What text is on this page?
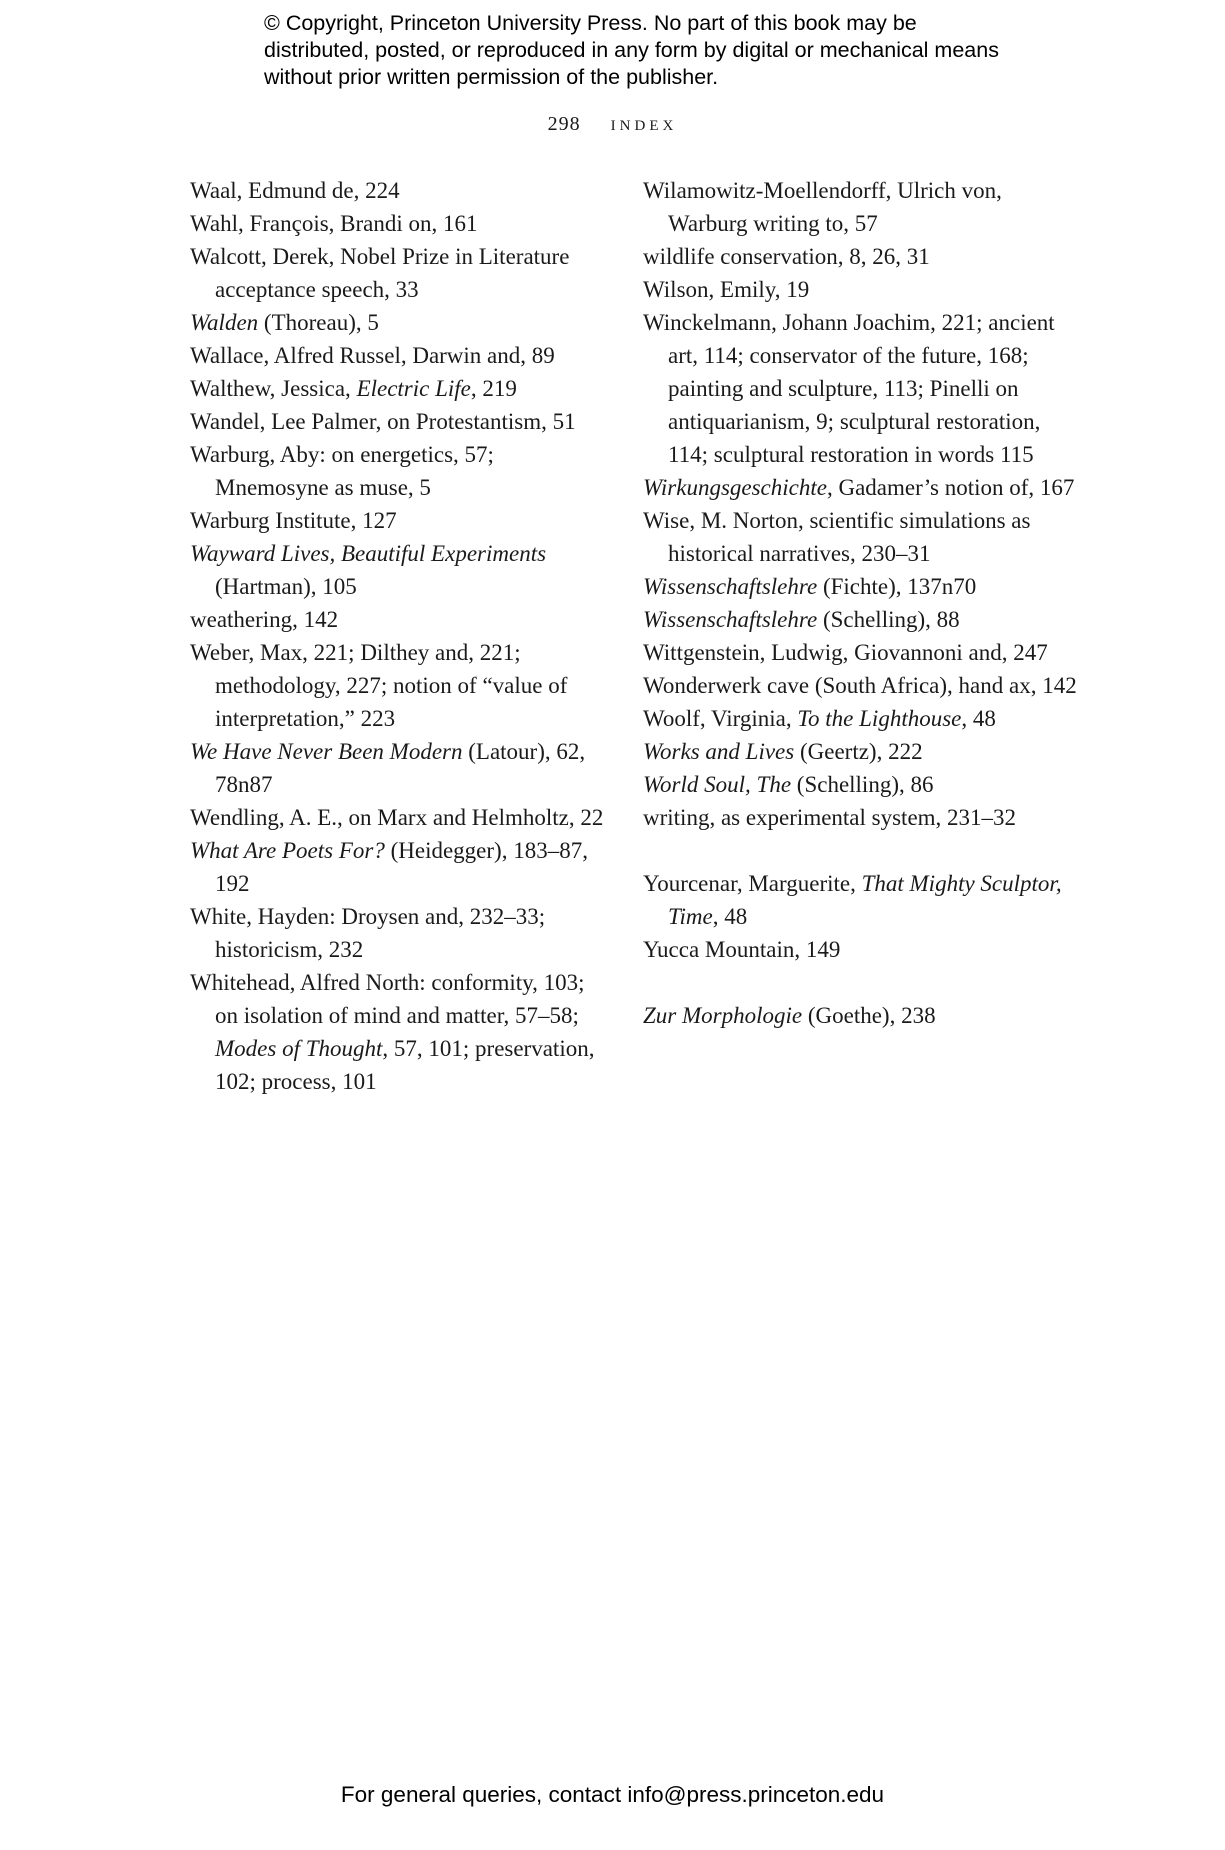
© Copyright, Princeton University Press. No part of this book may be distributed, posted, or reproduced in any form by digital or mechanical means without prior written permission of the publisher.
298 index

Waal, Edmund de, 224

Wahl, François, Brandi on, 161

Walcott, Derek, Nobel Prize in Literature acceptance speech, 33

Walden (Thoreau), 5

Wallace, Alfred Russel, Darwin and, 89

Walthew, Jessica, Electric Life, 219

Wandel, Lee Palmer, on Protestantism, 51

Warburg, Aby: on energetics, 57; Mnemosyne as muse, 5

Warburg Institute, 127

Wayward Lives, Beautiful Experiments (Hartman), 105

weathering, 142

Weber, Max, 221; Dilthey and, 221; methodology, 227; notion of “value of interpretation,” 223

We Have Never Been Modern (Latour), 62, 78n87

Wendling, A. E., on Marx and Helmholtz, 22

What Are Poets For? (Heidegger), 183–87, 192

White, Hayden: Droysen and, 232–33; historicism, 232

Whitehead, Alfred North: conformity, 103; on isolation of mind and matter, 57–58; Modes of Thought, 57, 101; preservation, 102; process, 101

Wilamowitz-Moellendorff, Ulrich von, Warburg writing to, 57

wildlife conservation, 8, 26, 31

Wilson, Emily, 19

Winckelmann, Johann Joachim, 221; ancient art, 114; conservator of the future, 168; painting and sculpture, 113; Pinelli on antiquarianism, 9; sculptural restoration, 114; sculptural restoration in words 115

Wirkungsgeschichte, Gadamer’s notion of, 167

Wise, M. Norton, scientific simulations as historical narratives, 230–31

Wissenschaftslehre (Fichte), 137n70

Wissenschaftslehre (Schelling), 88

Wittgenstein, Ludwig, Giovannoni and, 247

Wonderwerk cave (South Africa), hand ax, 142

Woolf, Virginia, To the Lighthouse, 48

Works and Lives (Geertz), 222

World Soul, The (Schelling), 86

writing, as experimental system, 231–32

Yourcenar, Marguerite, That Mighty Sculptor, Time, 48

Yucca Mountain, 149

Zur Morphologie (Goethe), 238

For general queries, contact info@press.princeton.edu
